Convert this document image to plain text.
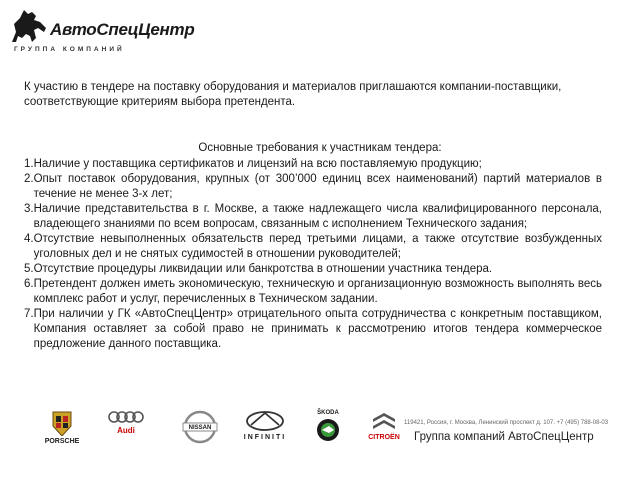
АвтоСпецЦентр
ГРУППА КОМПАНИЙ

К участию в тендере на поставку оборудования и материалов приглашаются компании-поставщики, соответствующие критериям выбора претендента.

Основные требования к участникам тендера:

1. Наличие у поставщика сертификатов и лицензий на всю поставляемую продукцию;
2. Опыт поставок оборудования, крупных (от 300’000 единиц всех наименований) партий материалов в течение не менее 3-х лет;
3. Наличие представительства в г. Москве, а также надлежащего числа квалифицированного персонала, владеющего знаниями по всем вопросам, связанным с исполнением Технического задания;
4. Отсутствие невыполненных обязательств перед третьими лицами, а также отсутствие возбужденных уголовных дел и не снятых судимостей в отношении руководителей;
5. Отсутствие процедуры ликвидации или банкротства в отношении участника тендера.
6. Претендент должен иметь экономическую, техническую и организационную возможность выполнять весь комплекс работ и услуг, перечисленных в Техническом задании.
7. При наличии у ГК «АвтоСпецЦентр» отрицательного опыта сотрудничества с конкретным поставщиком, Компания оставляет за собой право не принимать к рассмотрению итогов тендера коммерческое предложение данного поставщика.
PORSCHE
Audi	NISSAN
INFINITI
ŠKODA
CITROËN
119421, Россия, г. Москва, Ленинский проспект д. 107. +7 (495) 788-08-03
Группа компаний АвтоСпецЦентр
